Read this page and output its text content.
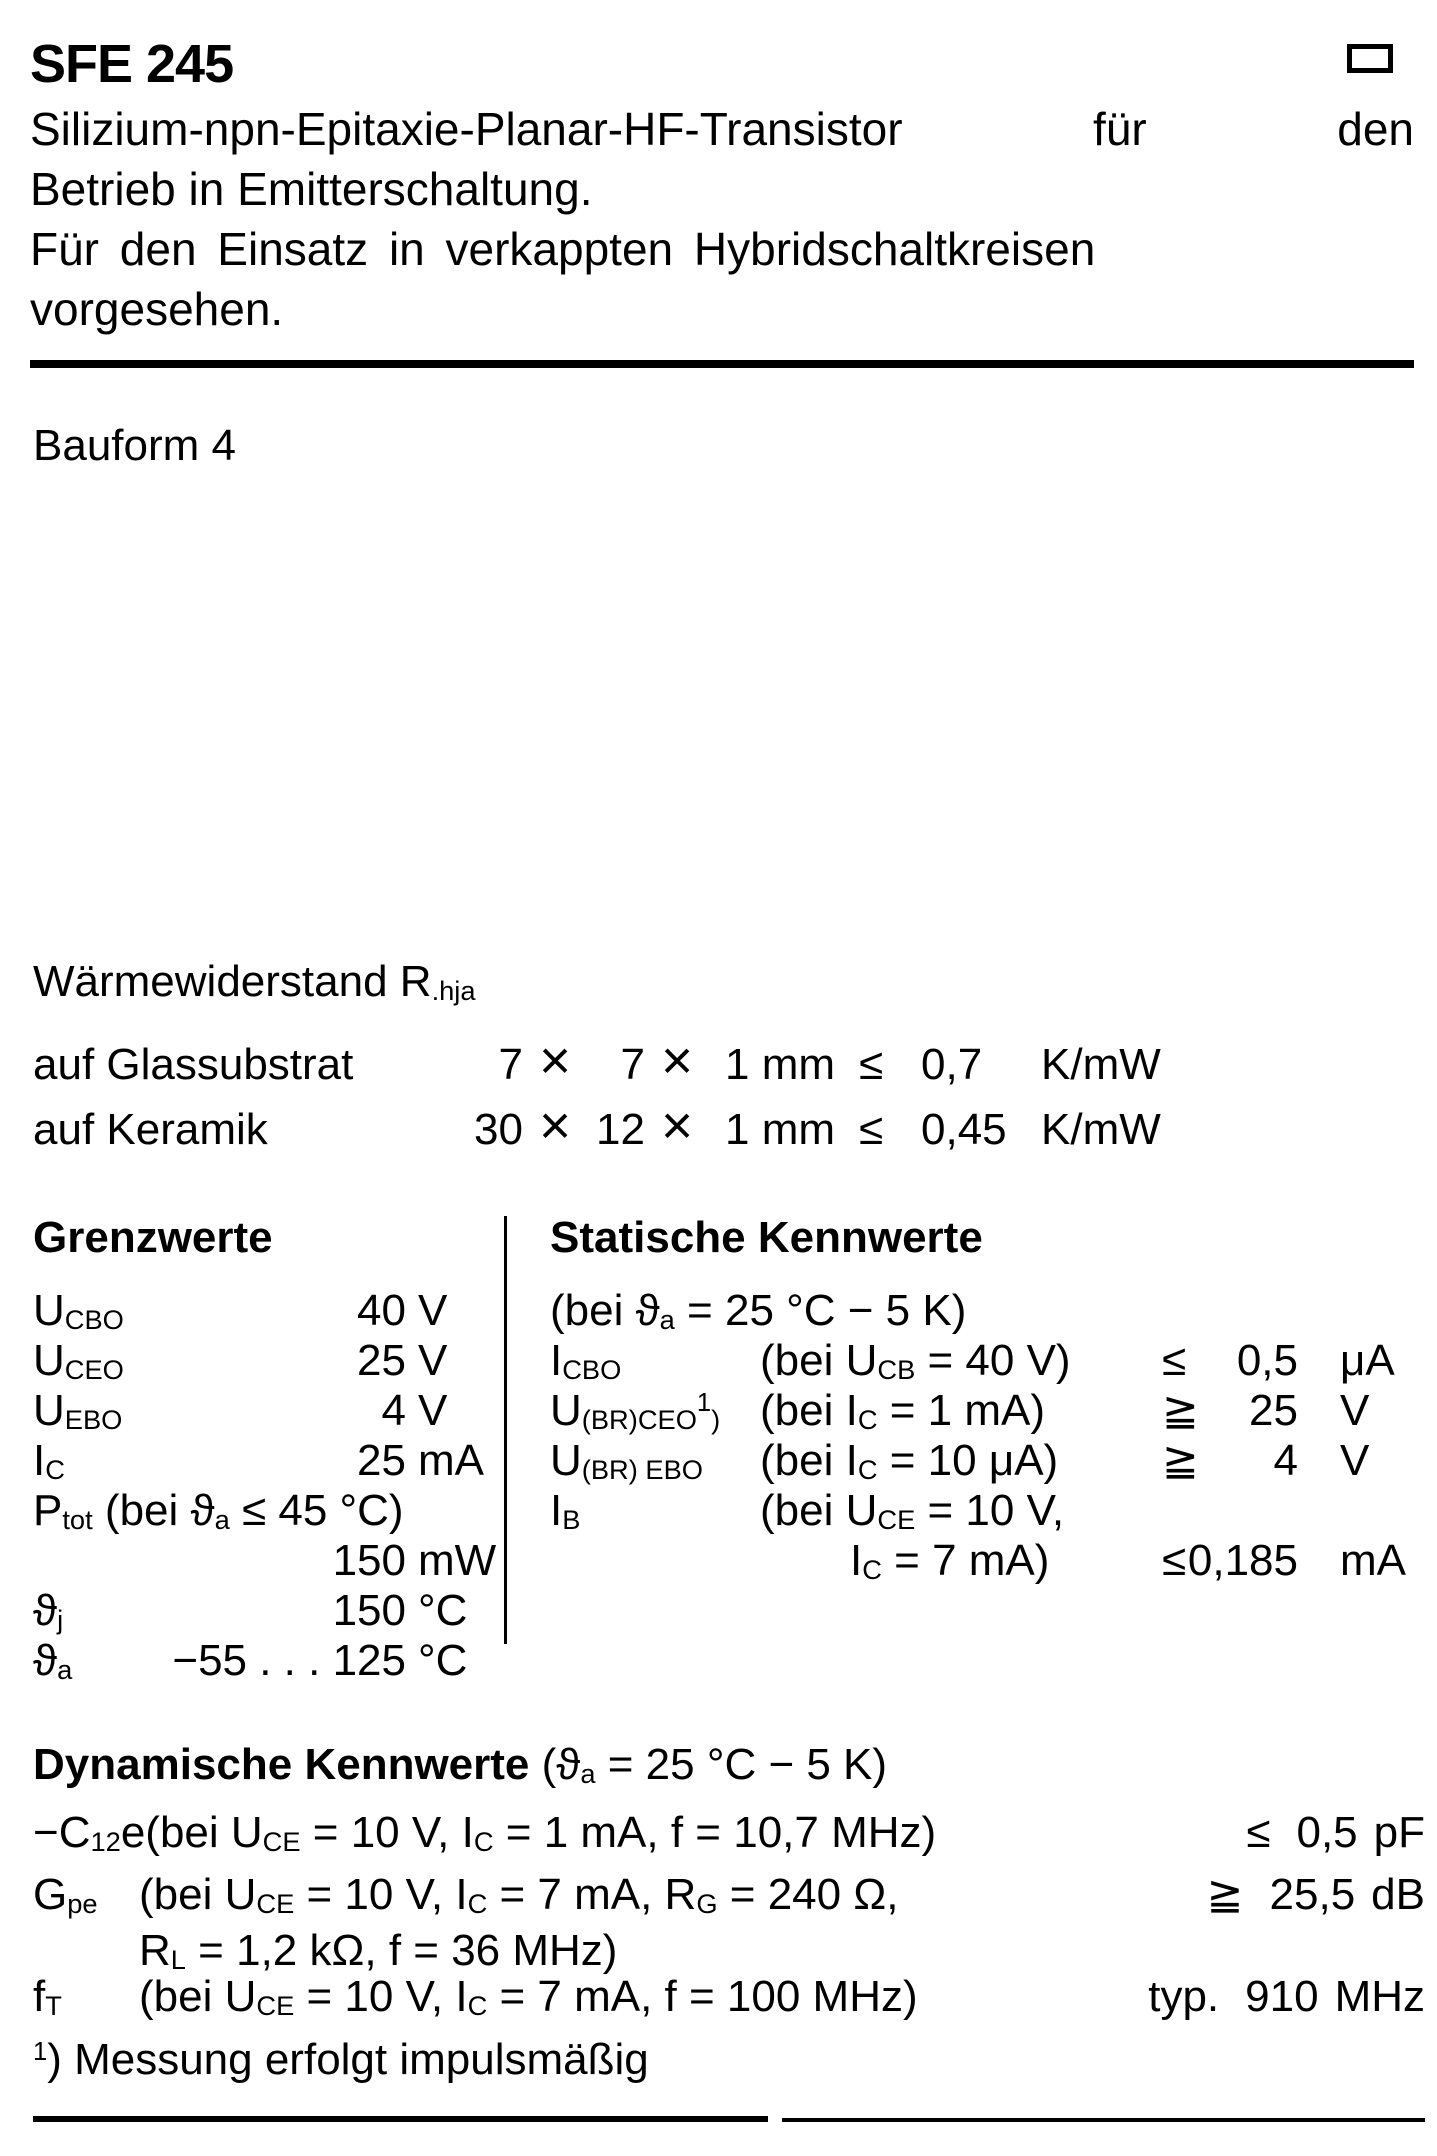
SFE 245
Silizium-npn-Epitaxie-Planar-HF-Transistor	für	den
Betrieb in Emitterschaltung.
Für den Einsatz in verkappten Hybridschaltkreisen
vorgesehen.
Bauform 4
Wärmewiderstand $R_{.hja}$
auf Glassubstrat	7 ×	7 × 1 mm ≤ 0,7	K/mW
auf Keramik	30 × 12 × 1 mm ≤ 0,45 K/mW
Grenzwerte
$U_{CBO}$	40 V
$U_{CEO}$	25 V
$U_{EBO}$	4 V
$I_C$	25 mA
$P_{tot}$ (bei $ϑ_a \le 45$ °C)
150 mW
$ϑ_j$	150 °C
$ϑ_a -55$ . . . 125 °C
Statische Kennwerte
(bei $ϑ_a = 25$ °C − 5 K)
$I_{CBO}$	(bei $U_{CB} = 40$ V)	≤	0,5 μA
$U_{(BR)CEO}^1_)$ (bei $I_C = 1$ mA)	≧	25 V
$U_{(BR) EBO}$	(bei $I_C = 10$ μA)	≧	4 V
$I_B$	(bei $U_{CE} = 10$ V,
$I_C = 7$ mA)	≤ 0,185 mA
Dynamische Kennwerte ($ϑ_a = 25$ °C − 5 K)
$-C_{12}e$ (bei $U_{CE} = 10$ V, $I_C = 1$ mA, f = 10,7 MHz)	≤ 0,5 pF
$G_{pe}$ (bei $U_{CE} = 10$ V, $I_C = 7$ mA, $R_G = 240$ Ω,	≧ 25,5 dB
$R_L = 1,2$ kΩ, f = 36 MHz)
$f_T$	(bei $U_{CE} = 10$ V, $I_C = 7$ mA, f = 100 MHz)	typ. 910 MHz
$^1$) Messung erfolgt impulsmäßig
